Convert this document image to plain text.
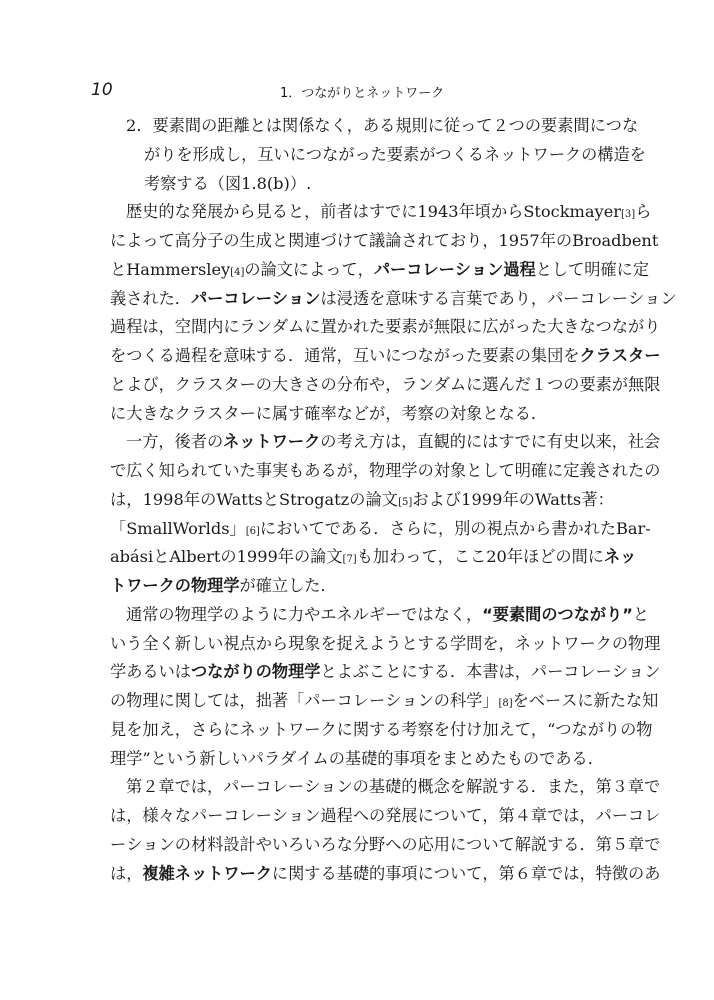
10	1．つながりとネットワーク
2 ． 要 素 間 の 距 離 と は 関 係 な く ， あ る 規 則 に 従 っ て ２ つ の 要 素 間 に つ な
が り を 形 成 し ， 互 い に つ な が っ た 要 素 が つ く る ネ ッ ト ワ ー ク の 構 造 を
考 察 す る （ 図 1.8(b) ） .
歴 史 的 な 発 展 か ら 見 る と ， 前 者 は す で に 1943 年 頃 か ら Stockmayer [3] ら
に よ っ て 高 分 子 の 生 成 と 関 連 づ け て 議 論 さ れ て お り ， 1957 年 の Broadbent
と Hammersley [4] の 論 文 に よ っ て ， パ ー コ レ ー シ ョ ン 過 程 と し て 明 確 に 定
義 さ れ た ． パ ー コ レ ー シ ョ ン は 浸 透 を 意 味 す る 言 葉 で あ り ， パ ー コ レ ー シ ョ ン
過 程 は ， 空 間 内 に ラ ン ダ ム に 置 か れ た 要 素 が 無 限 に 広 が っ た 大 き な つ な が り
を つ く る 過 程 を 意 味 す る ． 通 常 ， 互 い に つ な が っ た 要 素 の 集 団 を ク ラ ス タ ー
と よ び ， ク ラ ス タ ー の 大 き さ の 分 布 や ， ラ ン ダ ム に 選 ん だ １ つ の 要 素 が 無 限
に 大 き な ク ラ ス タ ー に 属 す 確 率 な ど が ， 考 察 の 対 象 と な る ．
一 方 ， 後 者 の ネ ッ ト ワ ー ク の 考 え 方 は ， 直 観 的 に は す で に 有 史 以 来 ， 社 会
で 広 く 知 ら れ て い た 事 実 も あ る が ， 物 理 学 の 対 象 と し て 明 確 に 定 義 さ れ た の
は ， 1998 年 の Watts と Strogatz の 論 文 [5] お よ び 1999 年 の Watts 著 ：
「 Small Worlds 」 [6] に お い て で あ る ． さ ら に ， 別 の 視 点 か ら 書 か れ た Bar-
abási と Albert の 1999 年 の 論 文 [7] も 加 わ っ て ， こ こ 20 年 ほ ど の 間 に ネ ッ
ト ワ ー ク の 物 理 学 が 確 立 し た ．
通 常 の 物 理 学 の よ う に 力 や エ ネ ル ギ ー で は な く ， “ 要 素 間 の つ な が り ” と
い う 全 く 新 し い 視 点 か ら 現 象 を 捉 え よ う と す る 学 問 を ， ネ ッ ト ワ ー ク の 物 理
学 あ る い は つ な が り の 物 理 学 と よ ぶ こ と に す る ． 本 書 は ， パ ー コ レ ー シ ョ ン
の 物 理 に 関 し て は ， 拙 著 「 パ ー コ レ ー シ ョ ン の 科 学 」 [8] を ベ ー ス に 新 た な 知
見 を 加 え ， さ ら に ネ ッ ト ワ ー ク に 関 す る 考 察 を 付 け 加 え て ， “ つ な が り の 物
理 学 ” と い う 新 し い パ ラ ダ イ ム の 基 礎 的 事 項 を ま と め た も の で あ る ．
第 ２ 章 で は ， パ ー コ レ ー シ ョ ン の 基 礎 的 概 念 を 解 説 す る ． ま た ， 第 ３ 章 で
は ， 様 々 な パ ー コ レ ー シ ョ ン 過 程 へ の 発 展 に つ い て ， 第 ４ 章 で は ， パ ー コ レ
ー シ ョ ン の 材 料 設 計 や い ろ い ろ な 分 野 へ の 応 用 に つ い て 解 説 す る ． 第 ５ 章 で
は ， 複 雑 ネ ッ ト ワ ー ク に 関 す る 基 礎 的 事 項 に つ い て ， 第 ６ 章 で は ， 特 徴 の あ
